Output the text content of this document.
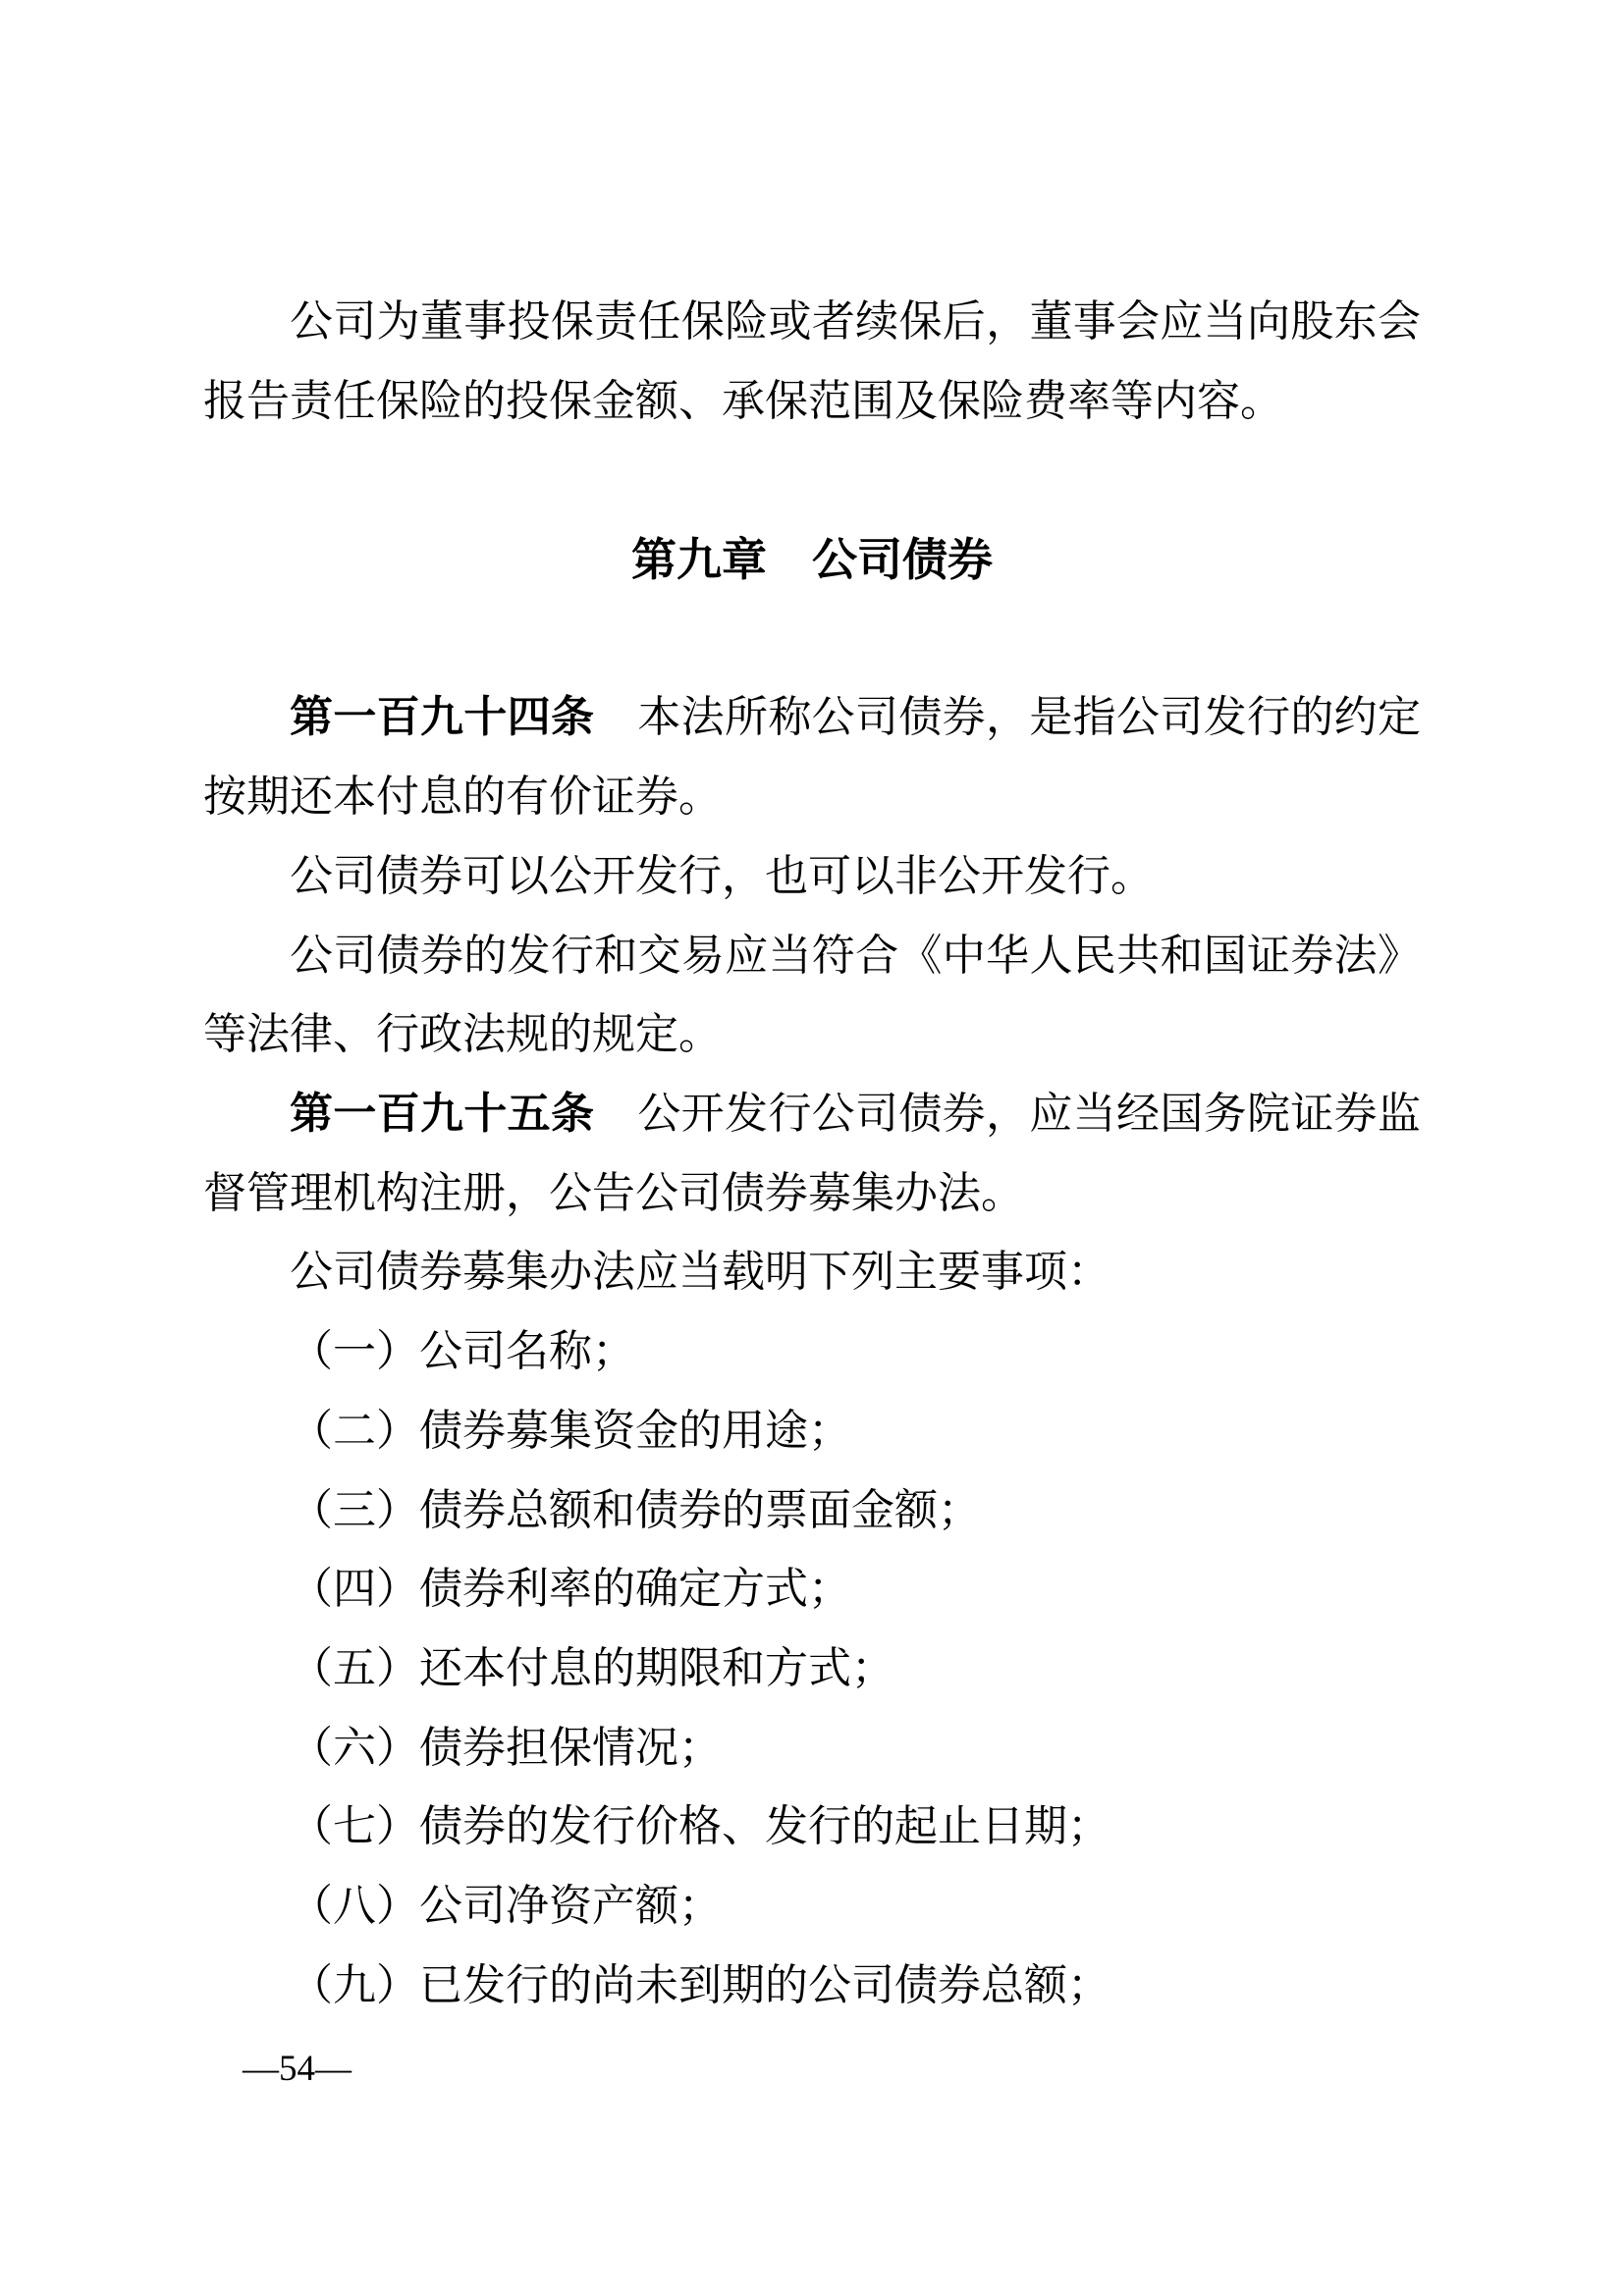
公司为董事投保责任保险或者续保后，董事会应当向股东会报告责任保险的投保金额、承保范围及保险费率等内容。

第九章　公司债券

第一百九十四条 本法所称公司债券，是指公司发行的约定按期还本付息的有价证券。

公司债券可以公开发行，也可以非公开发行。

公司债券的发行和交易应当符合《中华人民共和国证券法》等法律、行政法规的规定。

第一百九十五条 公开发行公司债券，应当经国务院证券监督管理机构注册，公告公司债券募集办法。

公司债券募集办法应当载明下列主要事项：

（一）公司名称；

（二）债券募集资金的用途；

（三）债券总额和债券的票面金额；

（四）债券利率的确定方式；

（五）还本付息的期限和方式；

（六）债券担保情况；

（七）债券的发行价格、发行的起止日期；

（八）公司净资产额；

（九）已发行的尚未到期的公司债券总额；

—54—
